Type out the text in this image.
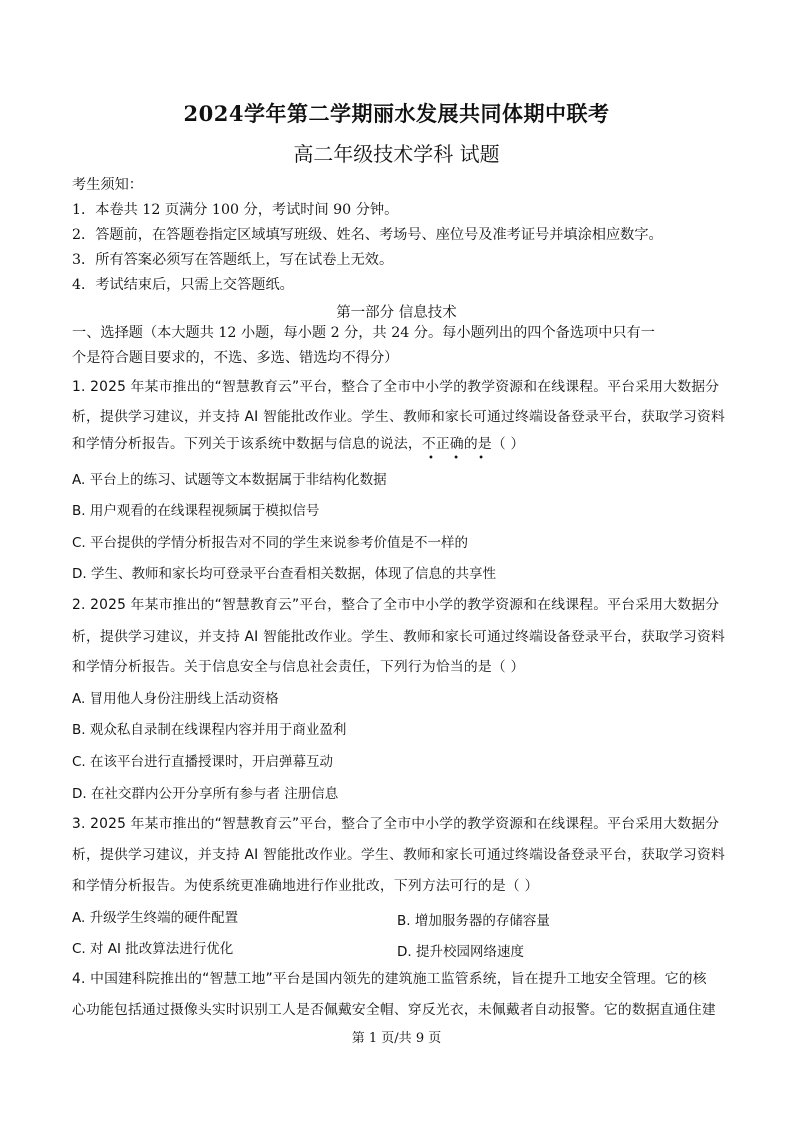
2024学年第二学期丽水发展共同体期中联考
高二年级技术学科 试题
考生须知：
1．本卷共 12 页满分 100 分，考试时间 90 分钟。
2．答题前，在答题卷指定区域填写班级、姓名、考场号、座位号及准考证号并填涂相应数字。
3．所有答案必须写在答题纸上，写在试卷上无效。
4．考试结束后，只需上交答题纸。
第一部分 信息技术
一、选择题（本大题共 12 小题，每小题 2 分，共 24 分。每小题列出的四个备选项中只有一
个是符合题目要求的，不选、多选、错选均不得分）
1. 2025 年某市推出的“智慧教育云”平台，整合了全市中小学的教学资源和在线课程。平台采用大数据分
析，提供学习建议，并支持 AI 智能批改作业。学生、教师和家长可通过终端设备登录平台，获取学习资料
和学情分析报告。下列关于该系统中数据与信息的说法，不正确的是（ ）
• • •
A. 平台上的练习、试题等文本数据属于非结构化数据
B. 用户观看的在线课程视频属于模拟信号
C. 平台提供的学情分析报告对不同的学生来说参考价值是不一样的
D. 学生、教师和家长均可登录平台查看相关数据，体现了信息的共享性
2. 2025 年某市推出的“智慧教育云”平台，整合了全市中小学的教学资源和在线课程。平台采用大数据分
析，提供学习建议，并支持 AI 智能批改作业。学生、教师和家长可通过终端设备登录平台，获取学习资料
和学情分析报告。关于信息安全与信息社会责任，下列行为恰当的是（ ）
A. 冒用他人身份注册线上活动资格
B. 观众私自录制在线课程内容并用于商业盈利
C. 在该平台进行直播授课时，开启弹幕互动
D. 在社交群内公开分享所有参与者 注册信息
3. 2025 年某市推出的“智慧教育云”平台，整合了全市中小学的教学资源和在线课程。平台采用大数据分
析，提供学习建议，并支持 AI 智能批改作业。学生、教师和家长可通过终端设备登录平台，获取学习资料
和学情分析报告。为使系统更准确地进行作业批改，下列方法可行的是（ ）
A. 升级学生终端的硬件配置	B. 增加服务器的存储容量
C. 对 AI 批改算法进行优化	D. 提升校园网络速度
4. 中国建科院推出的“智慧工地”平台是国内领先的建筑施工监管系统，旨在提升工地安全管理。它的核
心功能包括通过摄像头实时识别工人是否佩戴安全帽、穿反光衣，未佩戴者自动报警。它的数据直通住建
第 1 页/共 9 页
